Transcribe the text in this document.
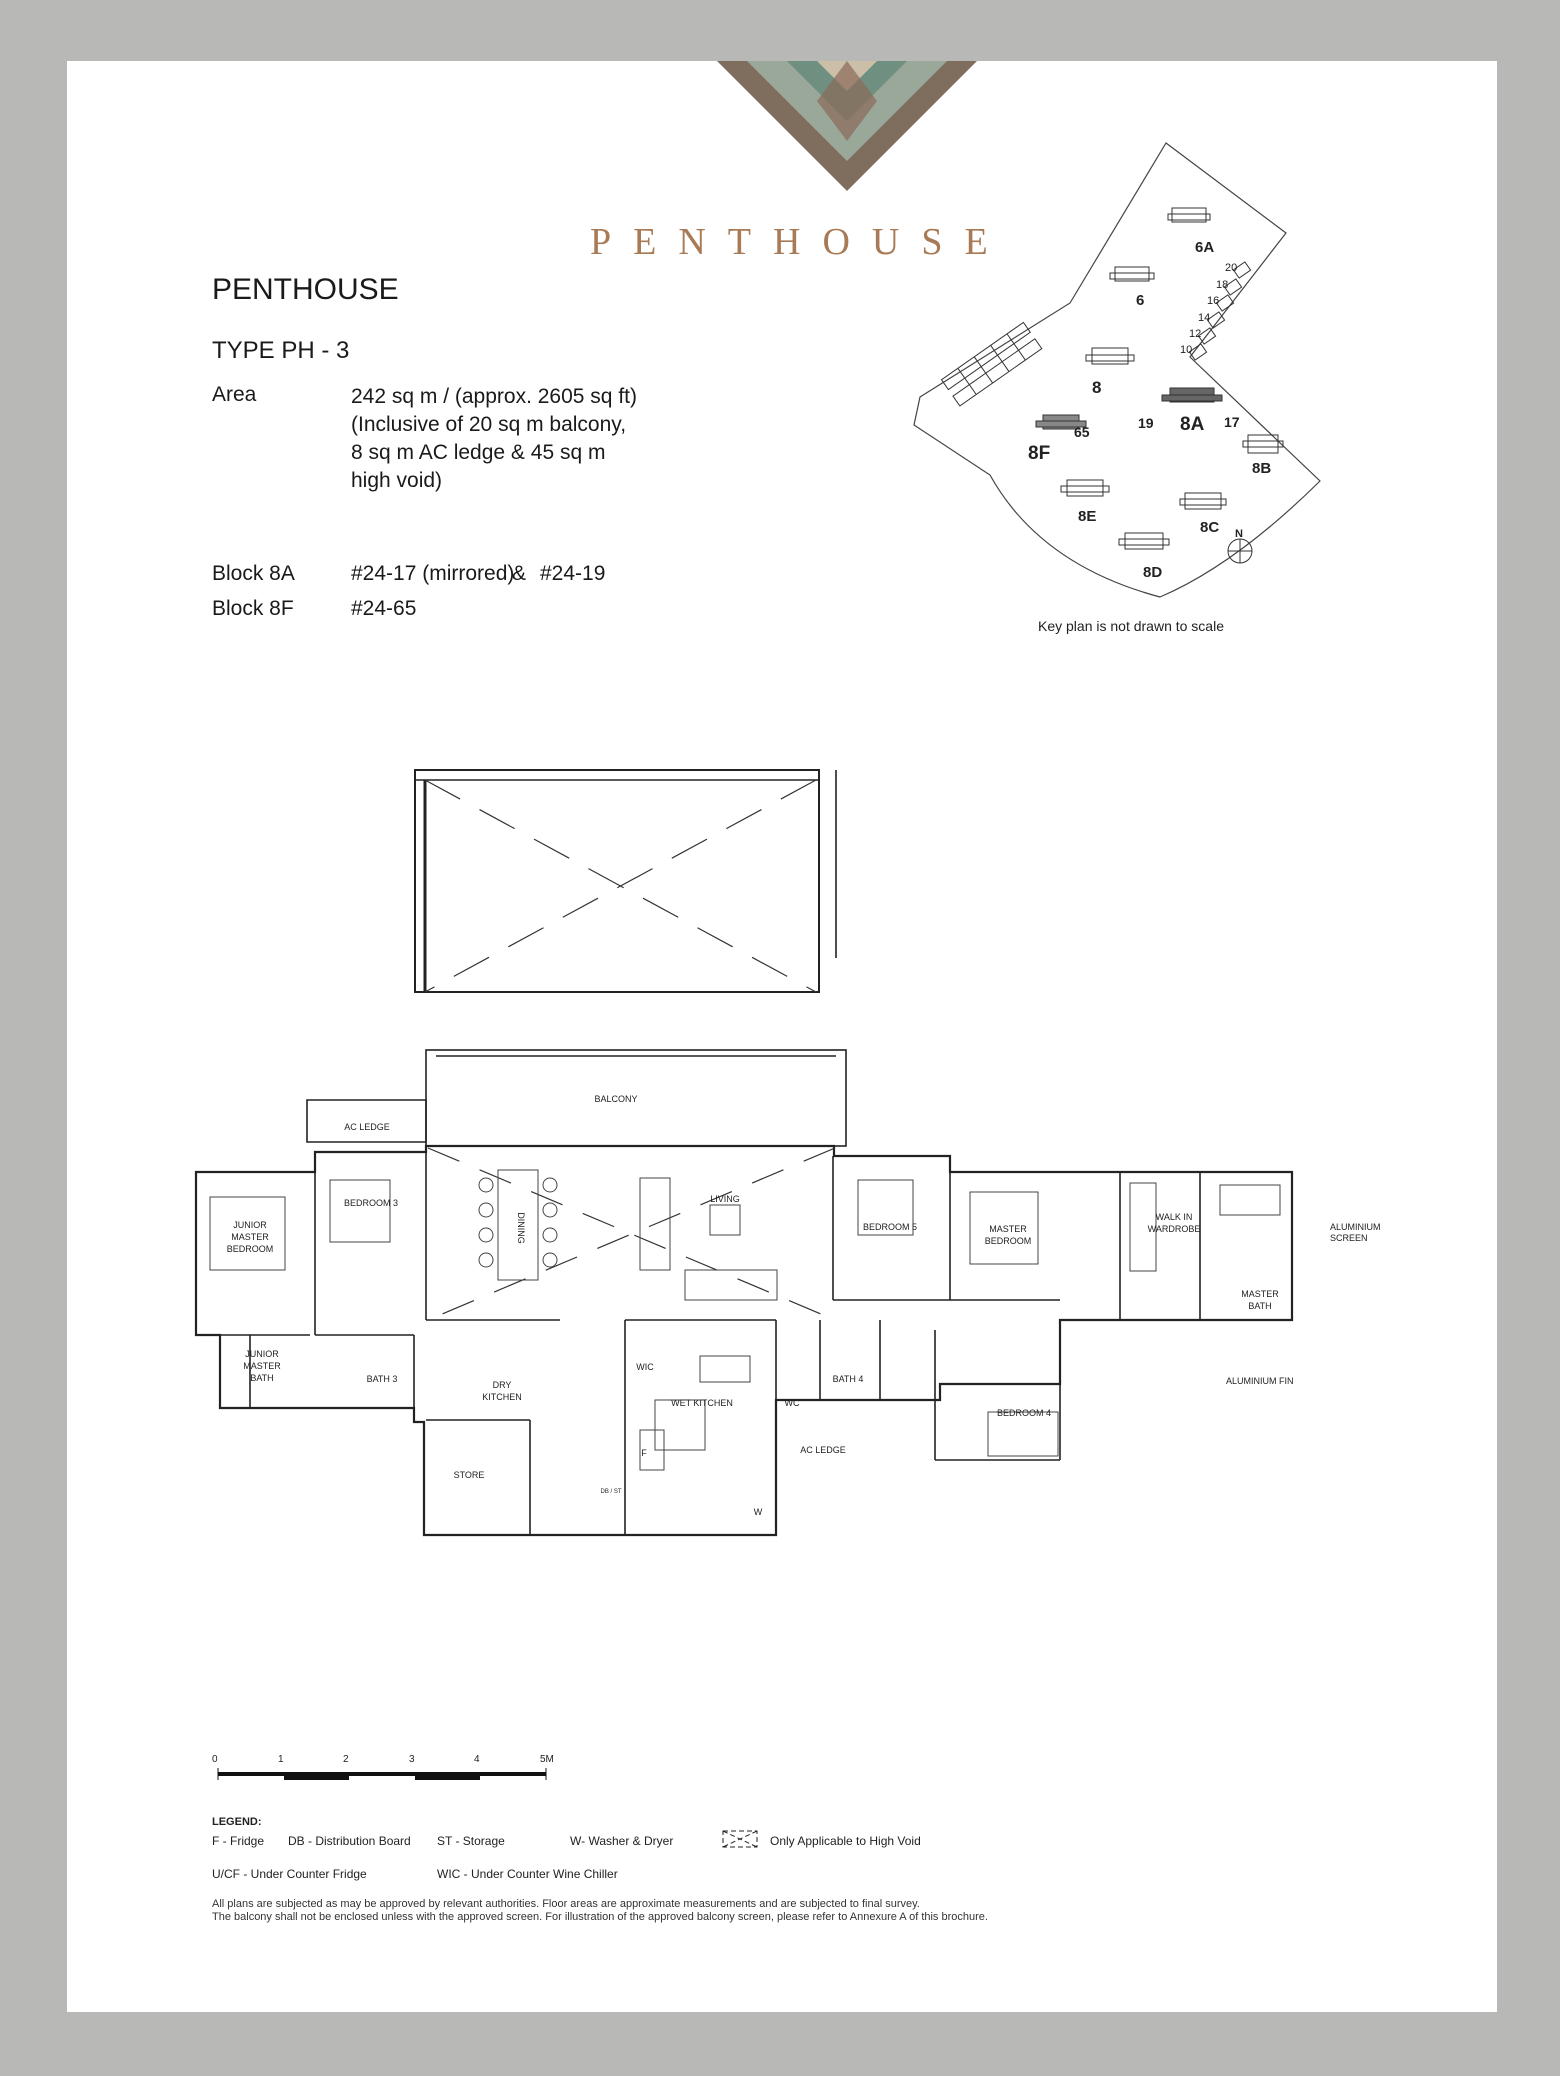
PENTHOUSE
PENTHOUSE
TYPE PH - 3
Area	242 sq m / (approx. 2605 sq ft)
(Inclusive of 20 sq m balcony,
8 sq m AC ledge & 45 sq m
high void)
Block 8A	#24-17 (mirrored)
& #24-19
Block 8F	#24-65
6A
6
8
8A
8B
8C
8D
8E
8F
20
18
16
14
12
10
19	17
65
N
Key plan is not drawn to scale
BALCONY
AC LEDGE
BEDROOM 3
JUNIOR
MASTER
BEDROOM
DINING
LIVING
BEDROOM 5	MASTER
BEDROOM
WALK IN
WARDROBE	ALUMINIUM
SCREEN
MASTER
BATH
ALUMINIUM FIN
JUNIOR
MASTER
BATH	BATH 3
DRY
KITCHEN
WIC
WET KITCHEN	WC
BATH 4
BEDROOM 4
AC LEDGE
STORE
DB / ST
F
W
0	1	2	3	4	5M
LEGEND:
F - Fridge DB - Distribution Board ST - Storage	W- Washer & Dryer	Only Applicable to High Void
U/CF - Under Counter Fridge	WIC - Under Counter Wine Chiller
All plans are subjected as may be approved by relevant authorities. Floor areas are approximate measurements and are subjected to final survey.
The balcony shall not be enclosed unless with the approved screen. For illustration of the approved balcony screen, please refer to Annexure A of this brochure.
